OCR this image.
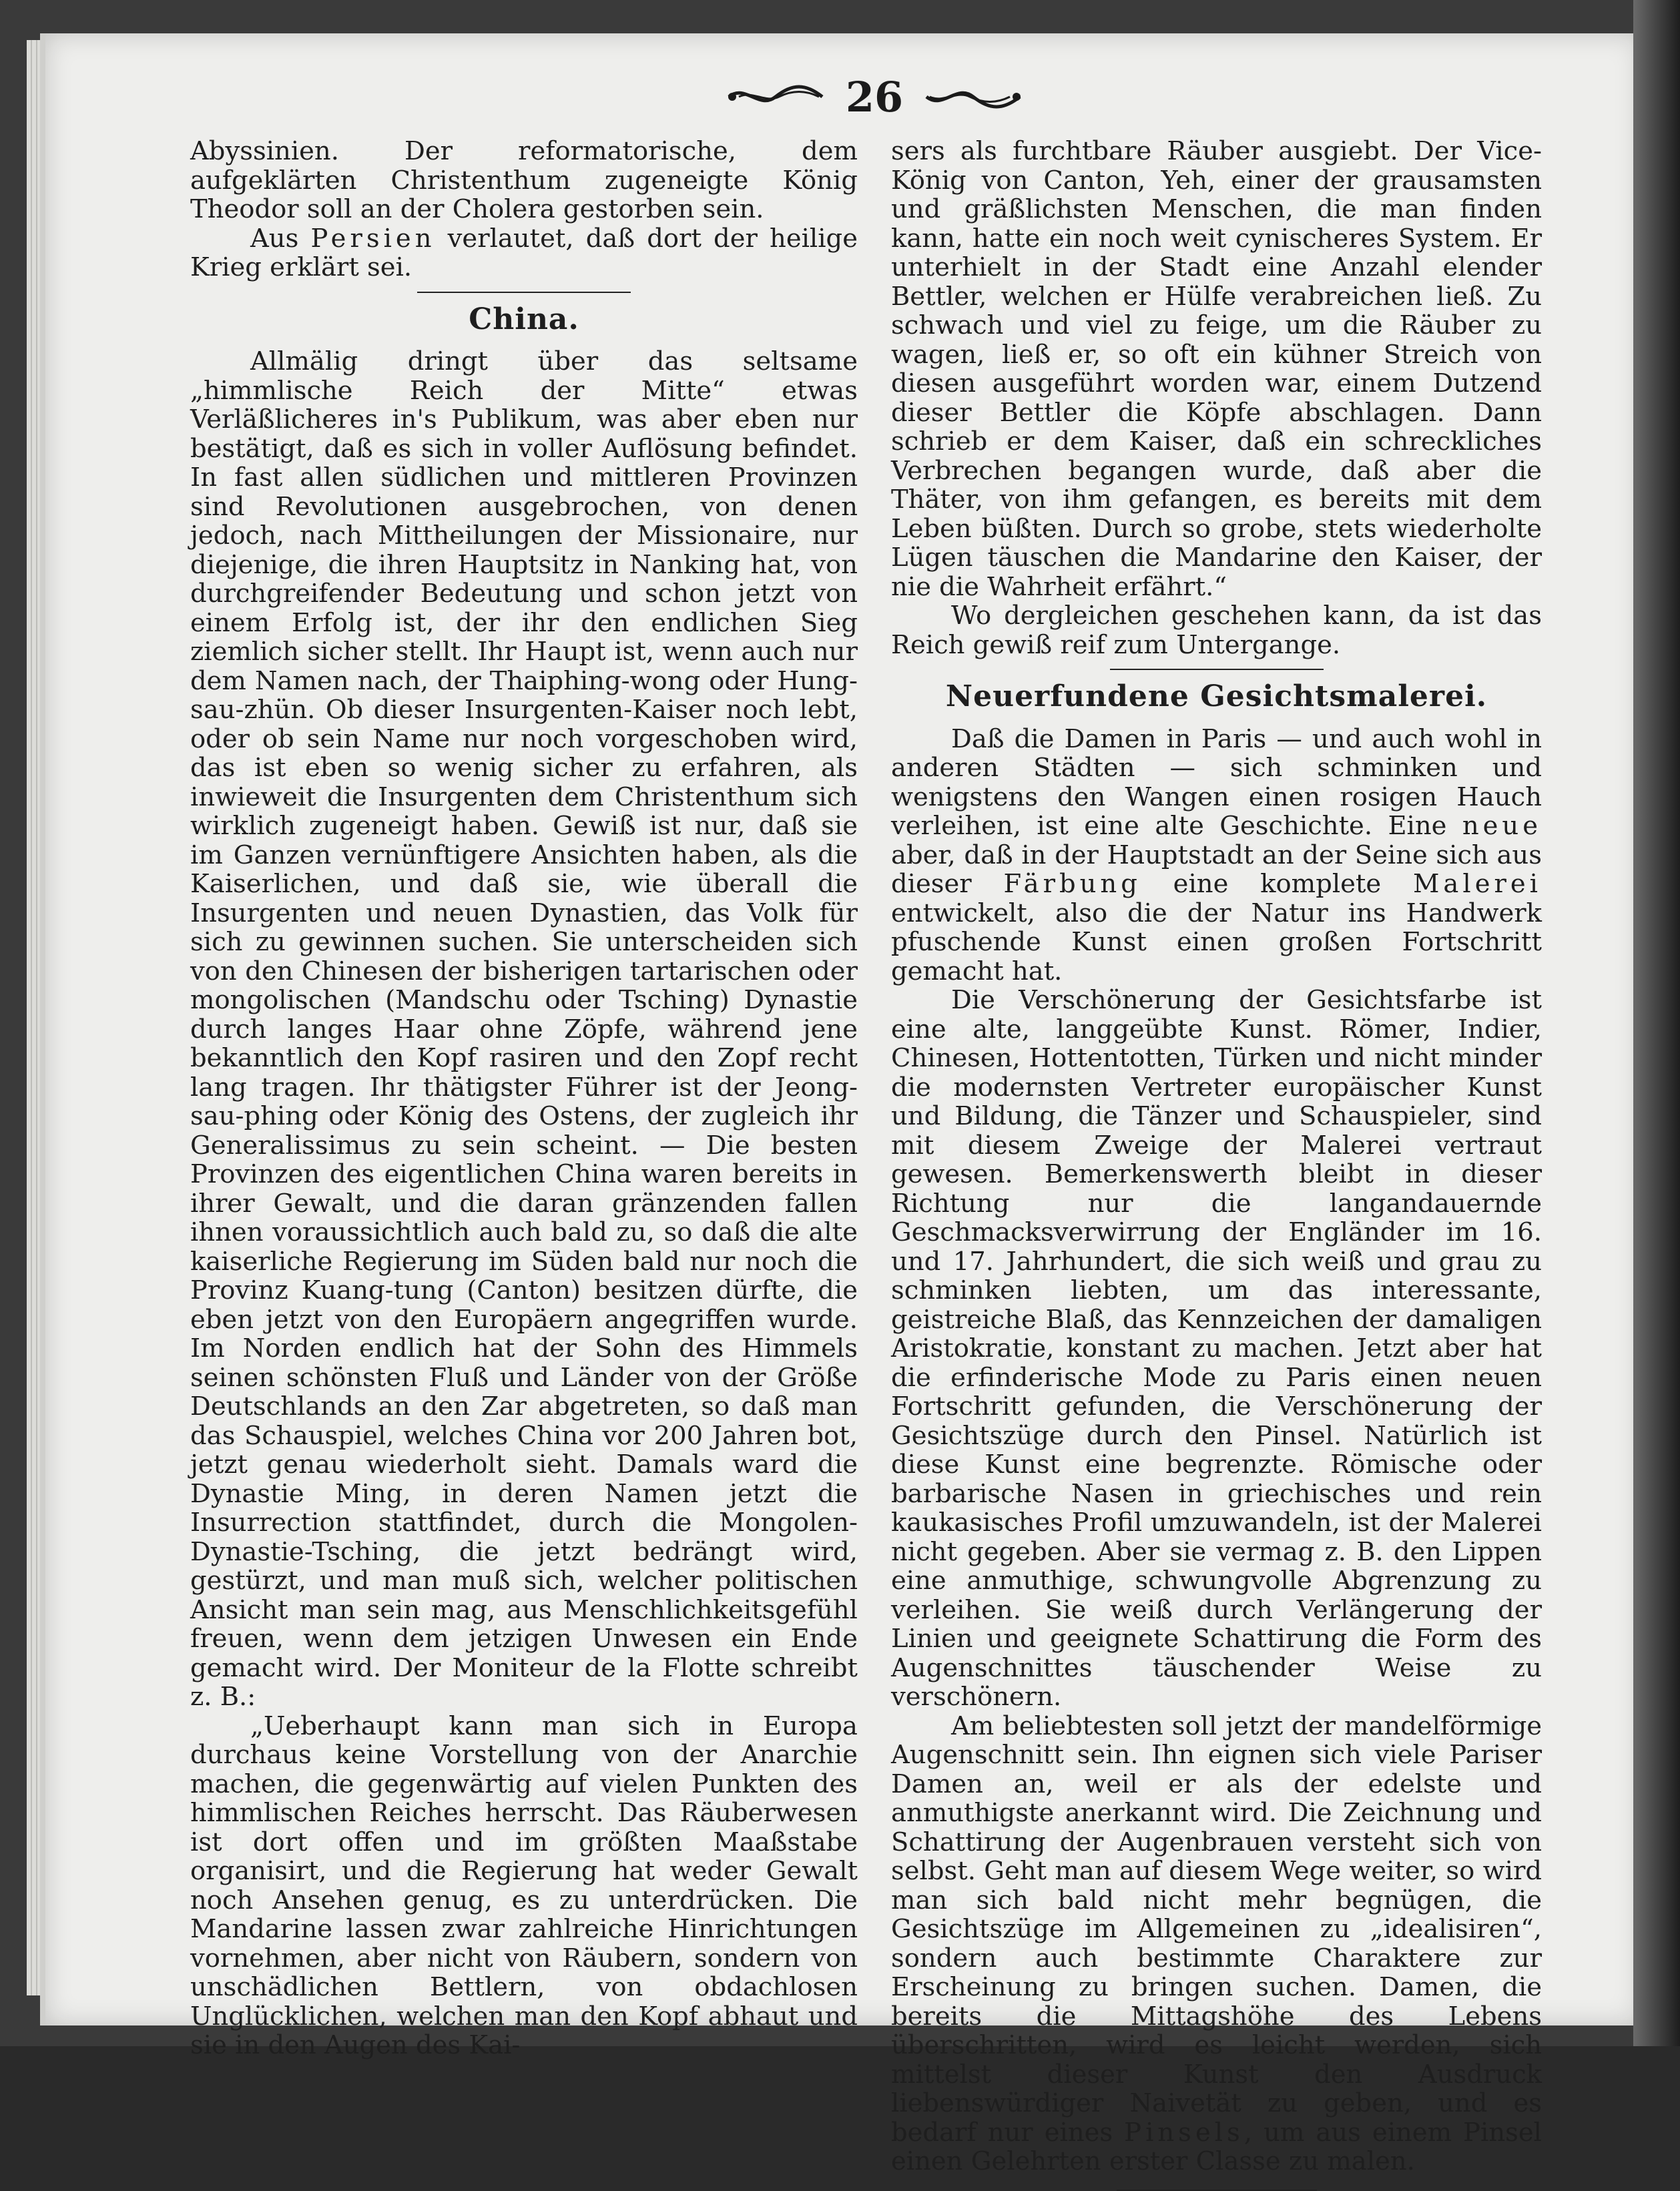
26

Abyssinien. Der reformatorische, dem aufgeklärten Christenthum zugeneigte König Theodor soll an der Cholera gestorben sein.

Aus Persien verlautet, daß dort der heilige Krieg erklärt sei.

China.

Allmälig dringt über das seltsame „himmlische Reich der Mitte“ etwas Verläßlicheres in's Publikum, was aber eben nur bestätigt, daß es sich in voller Auflösung befindet. In fast allen südlichen und mittleren Provinzen sind Revolutionen ausgebrochen, von denen jedoch, nach Mittheilungen der Missionaire, nur diejenige, die ihren Hauptsitz in Nanking hat, von durchgreifender Bedeutung und schon jetzt von einem Erfolg ist, der ihr den endlichen Sieg ziemlich sicher stellt. Ihr Haupt ist, wenn auch nur dem Namen nach, der Thaiphing-wong oder Hung-sau-zhün. Ob dieser Insurgenten-Kaiser noch lebt, oder ob sein Name nur noch vorgeschoben wird, das ist eben so wenig sicher zu erfahren, als inwieweit die Insurgenten dem Christenthum sich wirklich zugeneigt haben. Gewiß ist nur, daß sie im Ganzen vernünftigere Ansichten haben, als die Kaiserlichen, und daß sie, wie überall die Insurgenten und neuen Dynastien, das Volk für sich zu gewinnen suchen. Sie unterscheiden sich von den Chinesen der bisherigen tartarischen oder mongolischen (Mandschu oder Tsching) Dynastie durch langes Haar ohne Zöpfe, während jene bekanntlich den Kopf rasiren und den Zopf recht lang tragen. Ihr thätigster Führer ist der Jeong-sau-phing oder König des Ostens, der zugleich ihr Generalissimus zu sein scheint. — Die besten Provinzen des eigentlichen China waren bereits in ihrer Gewalt, und die daran gränzenden fallen ihnen voraussichtlich auch bald zu, so daß die alte kaiserliche Regierung im Süden bald nur noch die Provinz Kuang-tung (Canton) besitzen dürfte, die eben jetzt von den Europäern angegriffen wurde. Im Norden endlich hat der Sohn des Himmels seinen schönsten Fluß und Länder von der Größe Deutschlands an den Zar abgetreten, so daß man das Schauspiel, welches China vor 200 Jahren bot, jetzt genau wiederholt sieht. Damals ward die Dynastie Ming, in deren Namen jetzt die Insurrection stattfindet, durch die Mongolen-Dynastie-Tsching, die jetzt bedrängt wird, gestürzt, und man muß sich, welcher politischen Ansicht man sein mag, aus Menschlichkeitsgefühl freuen, wenn dem jetzigen Unwesen ein Ende gemacht wird. Der Moniteur de la Flotte schreibt z. B.:

„Ueberhaupt kann man sich in Europa durchaus keine Vorstellung von der Anarchie machen, die gegenwärtig auf vielen Punkten des himmlischen Reiches herrscht. Das Räuberwesen ist dort offen und im größten Maaßstabe organisirt, und die Regierung hat weder Gewalt noch Ansehen genug, es zu unterdrücken. Die Mandarine lassen zwar zahlreiche Hinrichtungen vornehmen, aber nicht von Räubern, sondern von unschädlichen Bettlern, von obdachlosen Unglücklichen, welchen man den Kopf abhaut und sie in den Augen des Kai-

sers als furchtbare Räuber ausgiebt. Der Vice-König von Canton, Yeh, einer der grausamsten und gräßlichsten Menschen, die man finden kann, hatte ein noch weit cynischeres System. Er unterhielt in der Stadt eine Anzahl elender Bettler, welchen er Hülfe verabreichen ließ. Zu schwach und viel zu feige, um die Räuber zu wagen, ließ er, so oft ein kühner Streich von diesen ausgeführt worden war, einem Dutzend dieser Bettler die Köpfe abschlagen. Dann schrieb er dem Kaiser, daß ein schreckliches Verbrechen begangen wurde, daß aber die Thäter, von ihm gefangen, es bereits mit dem Leben büßten. Durch so grobe, stets wiederholte Lügen täuschen die Mandarine den Kaiser, der nie die Wahrheit erfährt.“

Wo dergleichen geschehen kann, da ist das Reich gewiß reif zum Untergange.

Neuerfundene Gesichtsmalerei.

Daß die Damen in Paris — und auch wohl in anderen Städten — sich schminken und wenigstens den Wangen einen rosigen Hauch verleihen, ist eine alte Geschichte. Eine neue aber, daß in der Hauptstadt an der Seine sich aus dieser Färbung eine komplete Malerei entwickelt, also die der Natur ins Handwerk pfuschende Kunst einen großen Fortschritt gemacht hat.

Die Verschönerung der Gesichtsfarbe ist eine alte, langgeübte Kunst. Römer, Indier, Chinesen, Hottentotten, Türken und nicht minder die modernsten Vertreter europäischer Kunst und Bildung, die Tänzer und Schauspieler, sind mit diesem Zweige der Malerei vertraut gewesen. Bemerkenswerth bleibt in dieser Richtung nur die langandauernde Geschmacksverwirrung der Engländer im 16. und 17. Jahrhundert, die sich weiß und grau zu schminken liebten, um das interessante, geistreiche Blaß, das Kennzeichen der damaligen Aristokratie, konstant zu machen. Jetzt aber hat die erfinderische Mode zu Paris einen neuen Fortschritt gefunden, die Verschönerung der Gesichtszüge durch den Pinsel. Natürlich ist diese Kunst eine begrenzte. Römische oder barbarische Nasen in griechisches und rein kaukasisches Profil umzuwandeln, ist der Malerei nicht gegeben. Aber sie vermag z. B. den Lippen eine anmuthige, schwungvolle Abgrenzung zu verleihen. Sie weiß durch Verlängerung der Linien und geeignete Schattirung die Form des Augenschnittes täuschender Weise zu verschönern.

Am beliebtesten soll jetzt der mandelförmige Augenschnitt sein. Ihn eignen sich viele Pariser Damen an, weil er als der edelste und anmuthigste anerkannt wird. Die Zeichnung und Schattirung der Augenbrauen versteht sich von selbst. Geht man auf diesem Wege weiter, so wird man sich bald nicht mehr begnügen, die Gesichtszüge im Allgemeinen zu „idealisiren“, sondern auch bestimmte Charaktere zur Erscheinung zu bringen suchen. Damen, die bereits die Mittagshöhe des Lebens überschritten, wird es leicht werden, sich mittelst dieser Kunst den Ausdruck liebenswürdiger Naivetät zu geben, und es bedarf nur eines Pinsels, um aus einem Pinsel einen Gelehrten erster Classe zu malen.
